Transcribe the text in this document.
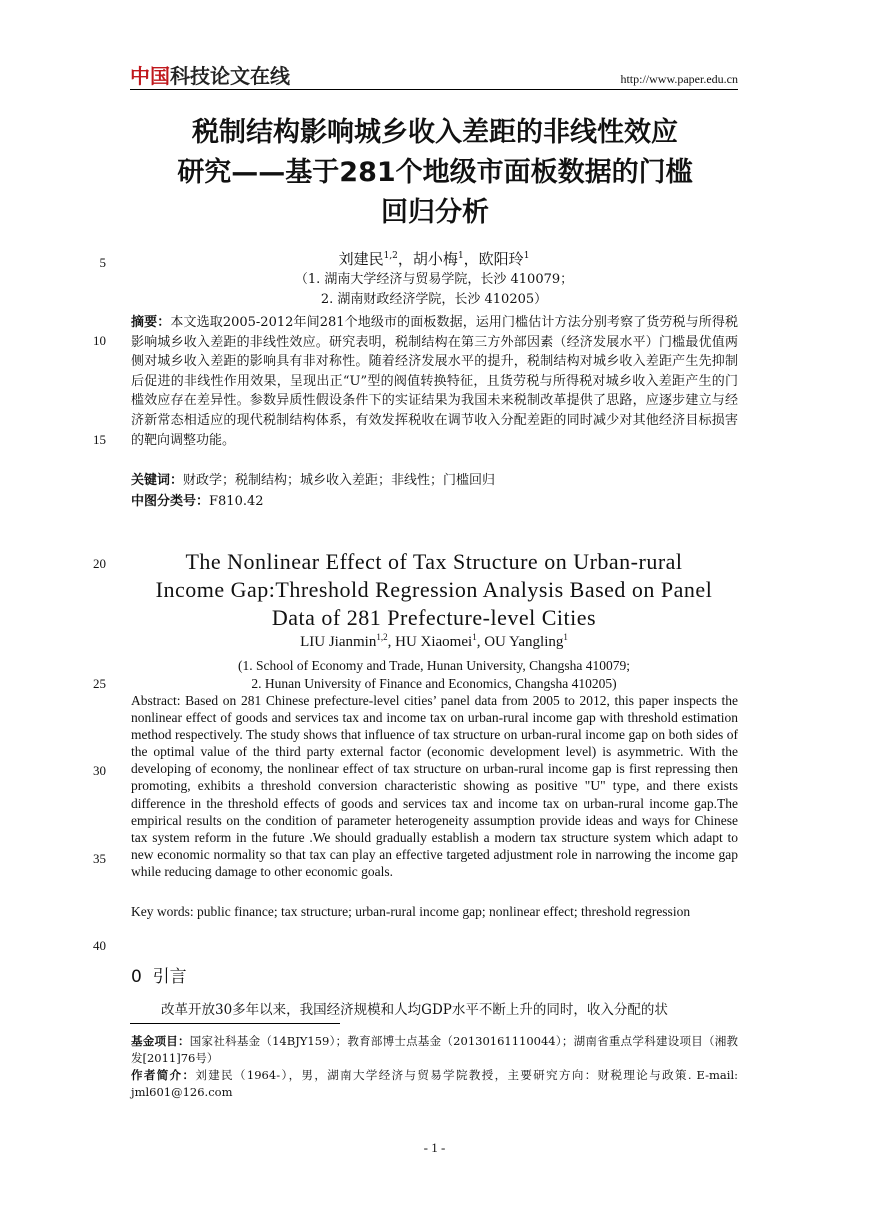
中国科技论文在线	http://www.paper.edu.cn
税制结构影响城乡收入差距的非线性效应
研究——基于281个地级市面板数据的门槛
回归分析
刘建民$^{1,2}$，胡小梅$^1$，欧阳玲$^1$
（1. 湖南大学经济与贸易学院，长沙 410079；
2. 湖南财政经济学院，长沙 410205）
5
10
15
20
25
30
35
40
摘要：本文选取2005-2012年间281个地级市的面板数据，运用门槛估计方法分别考察了货劳税与所得税影响城乡收入差距的非线性效应。研究表明，税制结构在第三方外部因素（经济发展水平）门槛最优值两侧对城乡收入差距的影响具有非对称性。随着经济发展水平的提升，税制结构对城乡收入差距产生先抑制后促进的非线性作用效果，呈现出正“U”型的阀值转换特征，且货劳税与所得税对城乡收入差距产生的门槛效应存在差异性。参数异质性假设条件下的实证结果为我国未来税制改革提供了思路，应逐步建立与经济新常态相适应的现代税制结构体系，有效发挥税收在调节收入分配差距的同时减少对其他经济目标损害的靶向调整功能。
关键词：财政学；税制结构；城乡收入差距；非线性；门槛回归
中图分类号：F810.42
The Nonlinear Effect of Tax Structure on Urban-rural
Income Gap:Threshold Regression Analysis Based on Panel
Data of 281 Prefecture-level Cities
LIU Jianmin$^{1,2}$, HU Xiaomei$^1$, OU Yangling$^1$
(1. School of Economy and Trade, Hunan University, Changsha 410079;
2. Hunan University of Finance and Economics, Changsha 410205)
Abstract: Based on 281 Chinese prefecture-level cities’ panel data from 2005 to 2012, this paper inspects the nonlinear effect of goods and services tax and income tax on urban-rural income gap with threshold estimation method respectively. The study shows that influence of tax structure on urban-rural income gap on both sides of the optimal value of the third party external factor (economic development level) is asymmetric. With the developing of economy, the nonlinear effect of tax structure on urban-rural income gap is first repressing then promoting, exhibits a threshold conversion characteristic showing as positive "U" type, and there exists difference in the threshold effects of goods and services tax and income tax on urban-rural income gap.The empirical results on the condition of parameter heterogeneity assumption provide ideas and ways for Chinese tax system reform in the future .We should gradually establish a modern tax structure system which adapt to new economic normality so that tax can play an effective targeted adjustment role in narrowing the income gap while reducing damage to other economic goals.
Key words: public finance; tax structure; urban-rural income gap; nonlinear effect; threshold regression
0 引言
改革开放30多年以来，我国经济规模和人均GDP水平不断上升的同时，收入分配的状
基金项目：国家社科基金（14BJY159）；教育部博士点基金（20130161110044）；湖南省重点学科建设项目（湘教发[2011]76号）
作者简介：刘建民（1964-），男，湖南大学经济与贸易学院教授，主要研究方向：财税理论与政策. E-mail: jml601@126.com
- 1 -
